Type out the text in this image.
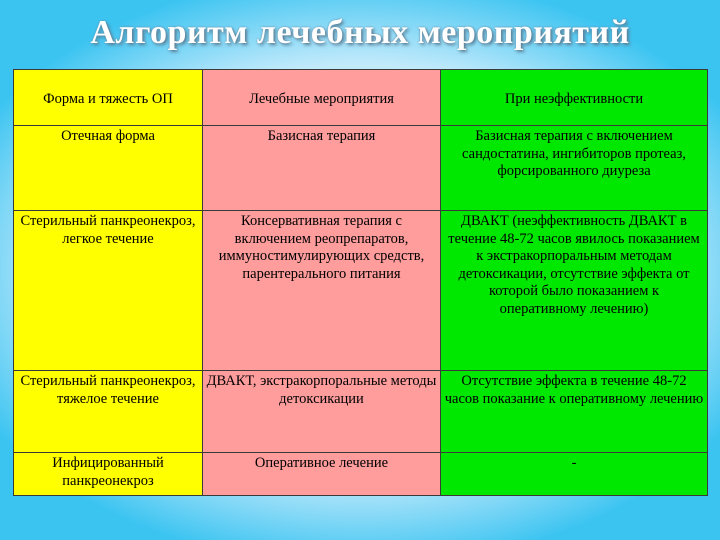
Алгоритм лечебных мероприятий
Форма и тяжесть ОП	Лечебные мероприятия	При неэффективности
Отечная форма	Базисная терапия	Базисная терапия с включением сандостатина, ингибиторов протеаз, форсированного диуреза
Стерильный панкреонекроз, легкое течение	Консервативная терапия с включением реопрепаратов, иммуностимулирующих средств, парентерального питания	ДВАКТ (неэффективность ДВАКТ в течение 48-72 часов явилось показанием к экстракорпоральным методам детоксикации, отсутствие эффекта от которой было показанием к оперативному лечению)
Стерильный панкреонекроз, тяжелое течение	ДВАКТ, экстракорпоральные методы детоксикации	Отсутствие эффекта в течение 48-72 часов показание к оперативному лечению
Инфицированный панкреонекроз	Оперативное лечение	-
